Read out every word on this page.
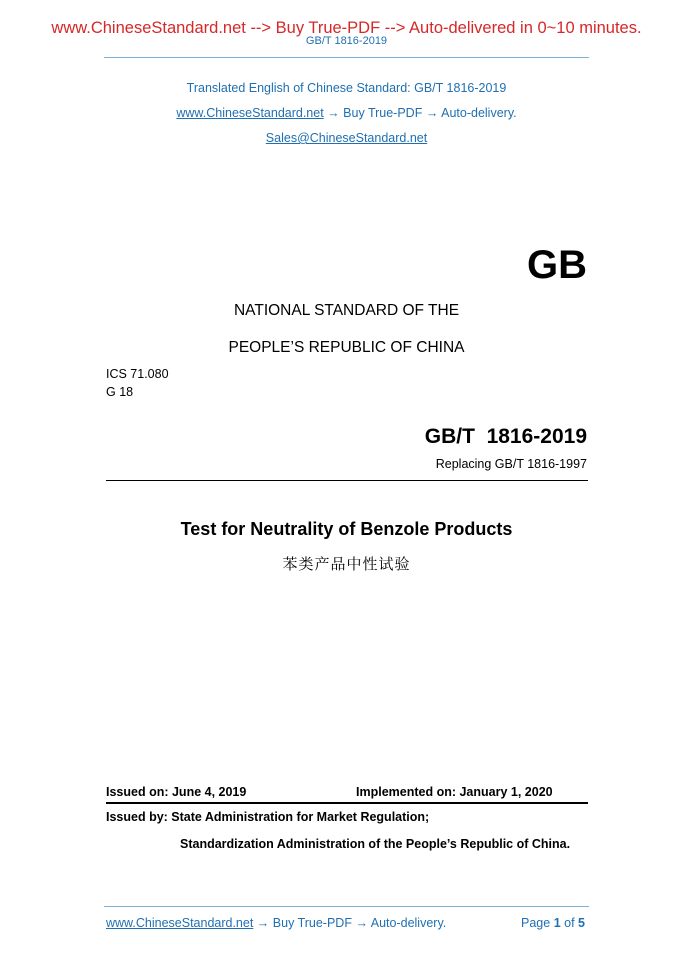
www.ChineseStandard.net --> Buy True-PDF --> Auto-delivered in 0~10 minutes.
GB/T 1816-2019
Translated English of Chinese Standard: GB/T 1816-2019
www.ChineseStandard.net → Buy True-PDF → Auto-delivery.
Sales@ChineseStandard.net
GB
NATIONAL STANDARD OF THE
PEOPLE’S REPUBLIC OF CHINA
ICS 71.080
G 18
GB/T  1816-2019
Replacing GB/T 1816-1997
Test for Neutrality of Benzole Products
苯类产品中性试验
Issued on: June 4, 2019	Implemented on: January 1, 2020
Issued by: State Administration for Market Regulation;
Standardization Administration of the People’s Republic of China.
www.ChineseStandard.net → Buy True-PDF → Auto-delivery.	Page 1 of 5
